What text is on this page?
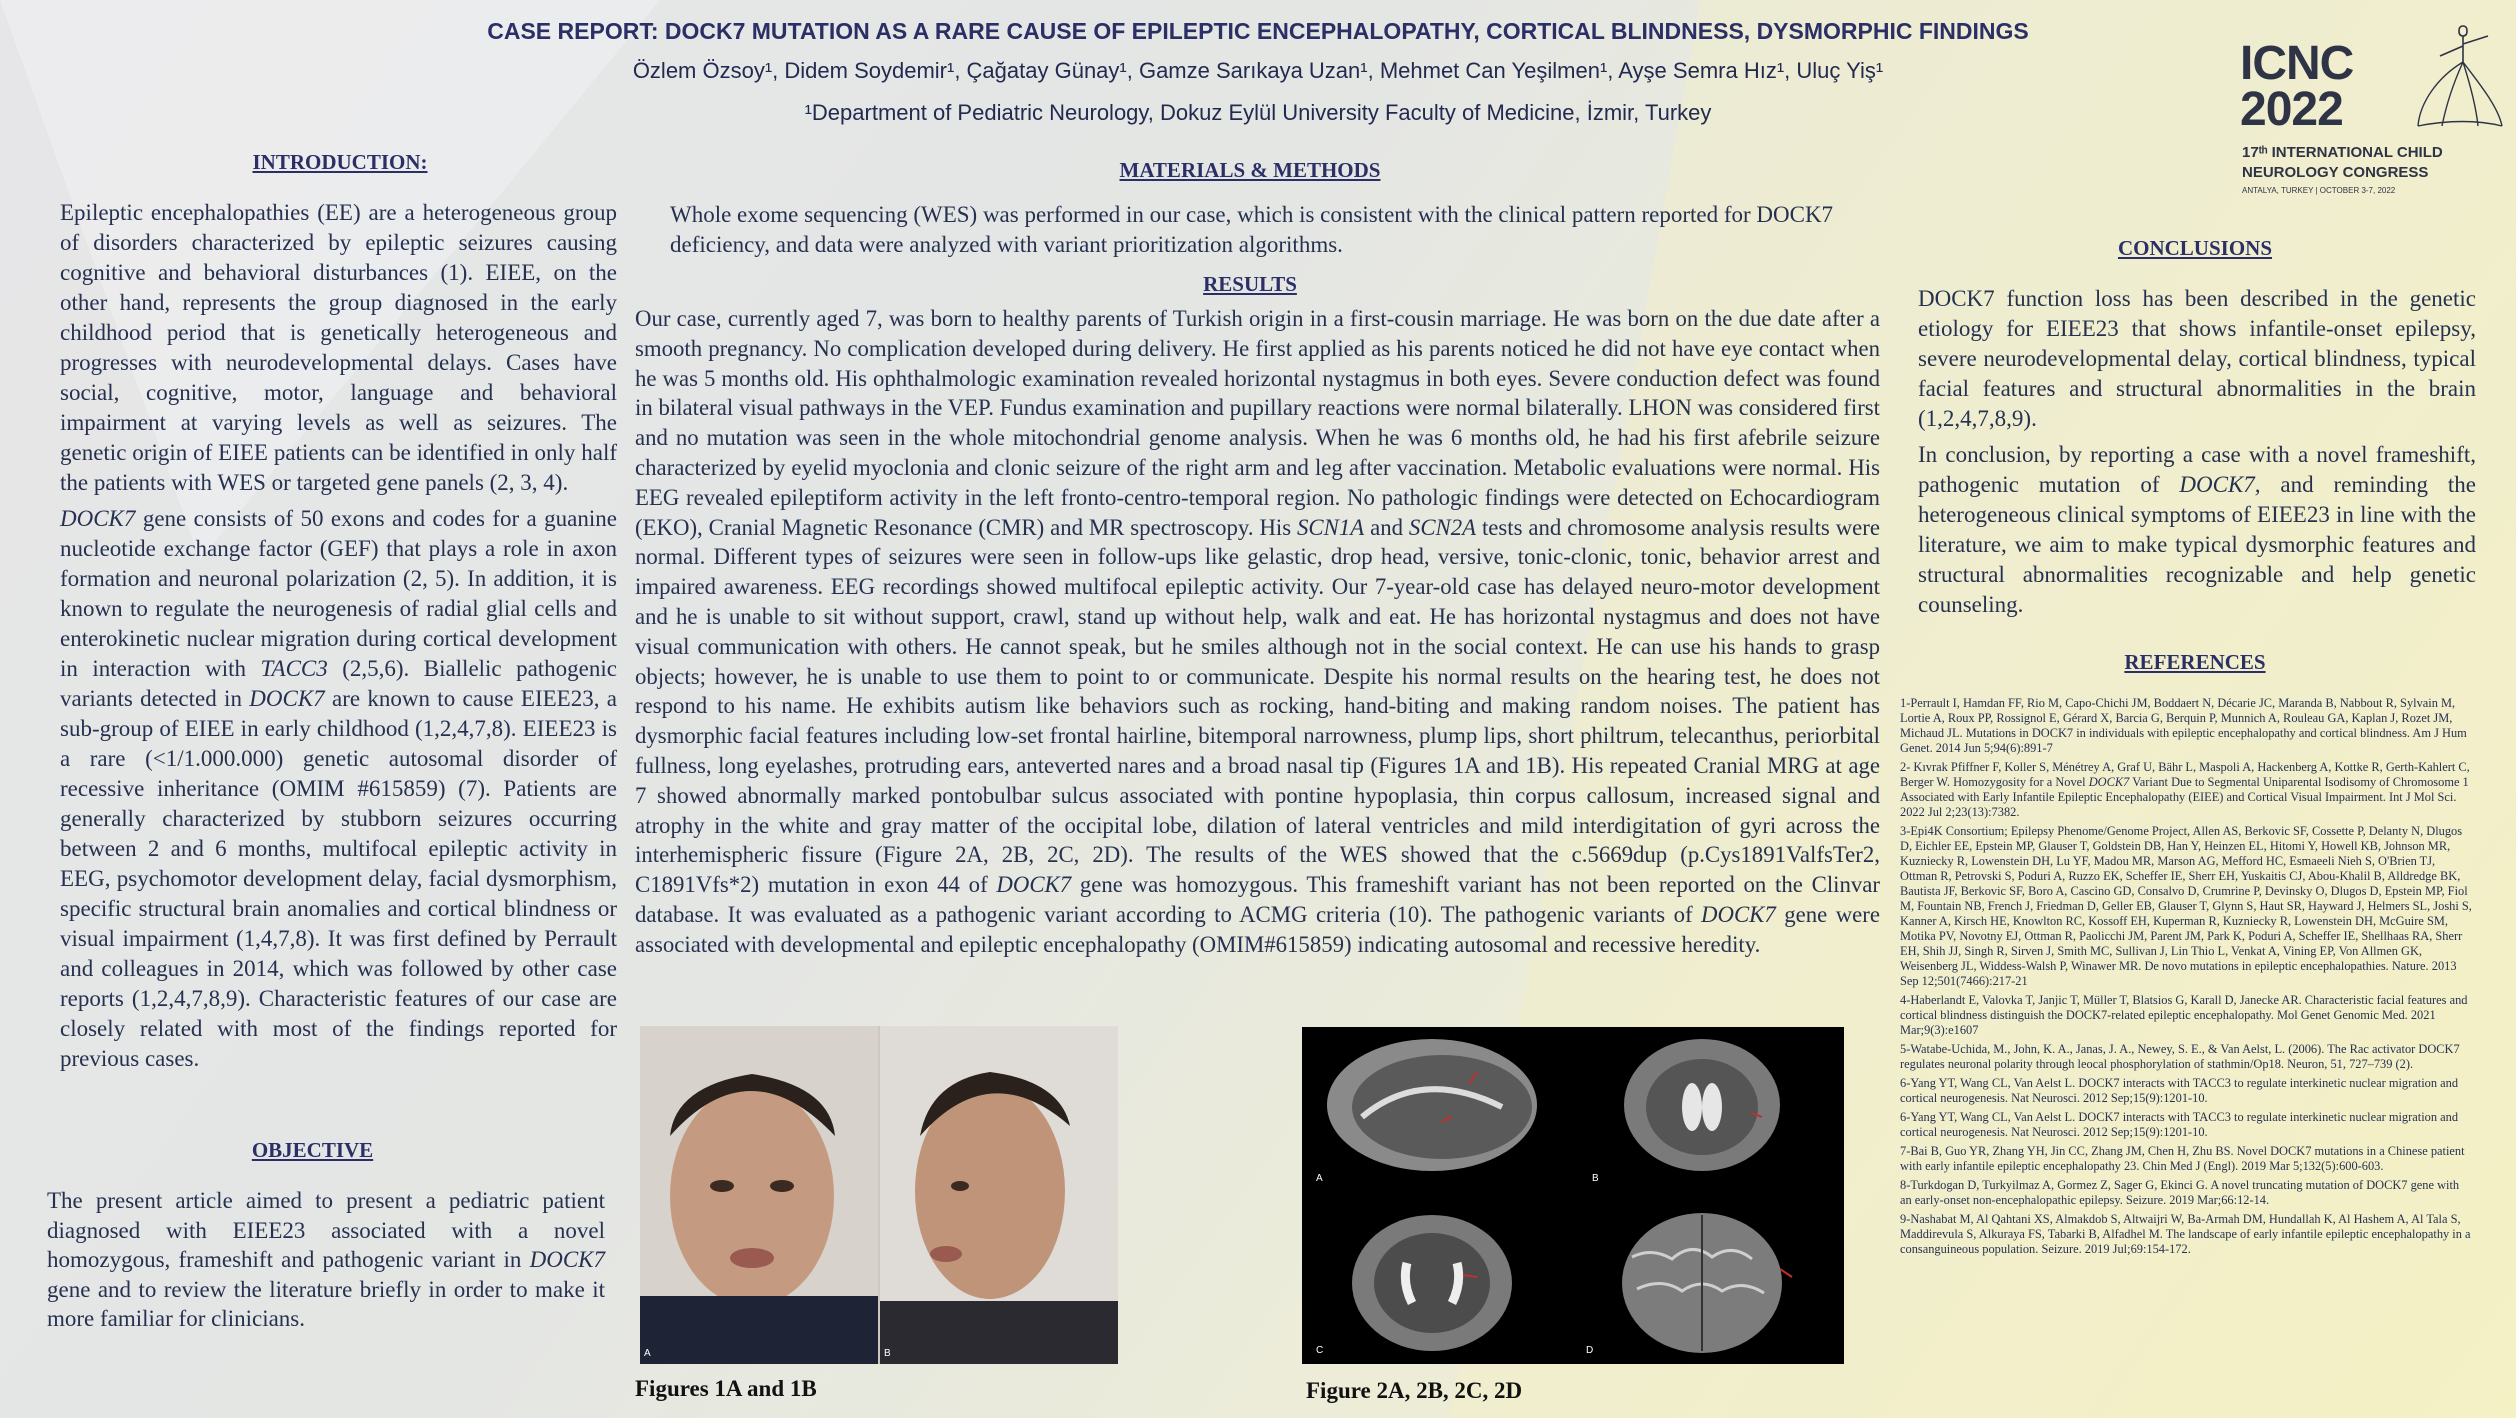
CASE REPORT: DOCK7 MUTATION AS A RARE CAUSE OF EPILEPTIC ENCEPHALOPATHY, CORTICAL BLINDNESS, DYSMORPHIC FINDINGS
Özlem Özsoy¹, Didem Soydemir¹, Çağatay Günay¹, Gamze Sarıkaya Uzan¹, Mehmet Can Yeşilmen¹, Ayşe Semra Hız¹, Uluç Yiş¹
¹Department of Pediatric Neurology, Dokuz Eylül University Faculty of Medicine, İzmir, Turkey
ICNC
2022
17ᵗʰ INTERNATIONAL CHILD
NEUROLOGY CONGRESS
ANTALYA, TURKEY | OCTOBER 3-7, 2022
INTRODUCTION:

Epileptic encephalopathies (EE) are a heterogeneous group of disorders characterized by epileptic seizures causing cognitive and behavioral disturbances (1). EIEE, on the other hand, represents the group diagnosed in the early childhood period that is genetically heterogeneous and progresses with neurodevelopmental delays. Cases have social, cognitive, motor, language and behavioral impairment at varying levels as well as seizures. The genetic origin of EIEE patients can be identified in only half the patients with WES or targeted gene panels (2, 3, 4).

DOCK7 gene consists of 50 exons and codes for a guanine nucleotide exchange factor (GEF) that plays a role in axon formation and neuronal polarization (2, 5). In addition, it is known to regulate the neurogenesis of radial glial cells and enterokinetic nuclear migration during cortical development in interaction with TACC3 (2,5,6). Biallelic pathogenic variants detected in DOCK7 are known to cause EIEE23, a sub-group of EIEE in early childhood (1,2,4,7,8). EIEE23 is a rare (<1/1.000.000) genetic autosomal disorder of recessive inheritance (OMIM #615859) (7). Patients are generally characterized by stubborn seizures occurring between 2 and 6 months, multifocal epileptic activity in EEG, psychomotor development delay, facial dysmorphism, specific structural brain anomalies and cortical blindness or visual impairment (1,4,7,8). It was first defined by Perrault and colleagues in 2014, which was followed by other case reports (1,2,4,7,8,9). Characteristic features of our case are closely related with most of the findings reported for previous cases.

OBJECTIVE

The present article aimed to present a pediatric patient diagnosed with EIEE23 associated with a novel homozygous, frameshift and pathogenic variant in DOCK7 gene and to review the literature briefly in order to make it more familiar for clinicians.

MATERIALS & METHODS
Whole exome sequencing (WES) was performed in our case, which is consistent with the clinical pattern reported for DOCK7 deficiency, and data were analyzed with variant prioritization algorithms.
RESULTS

Our case, currently aged 7, was born to healthy parents of Turkish origin in a first-cousin marriage. He was born on the due date after a smooth pregnancy. No complication developed during delivery. He first applied as his parents noticed he did not have eye contact when he was 5 months old. His ophthalmologic examination revealed horizontal nystagmus in both eyes. Severe conduction defect was found in bilateral visual pathways in the VEP. Fundus examination and pupillary reactions were normal bilaterally. LHON was considered first and no mutation was seen in the whole mitochondrial genome analysis. When he was 6 months old, he had his first afebrile seizure characterized by eyelid myoclonia and clonic seizure of the right arm and leg after vaccination. Metabolic evaluations were normal. His EEG revealed epileptiform activity in the left fronto-centro-temporal region. No pathologic findings were detected on Echocardiogram (EKO), Cranial Magnetic Resonance (CMR) and MR spectroscopy. His SCN1A and SCN2A tests and chromosome analysis results were normal. Different types of seizures were seen in follow-ups like gelastic, drop head, versive, tonic-clonic, tonic, behavior arrest and impaired awareness. EEG recordings showed multifocal epileptic activity. Our 7-year-old case has delayed neuro-motor development and he is unable to sit without support, crawl, stand up without help, walk and eat. He has horizontal nystagmus and does not have visual communication with others. He cannot speak, but he smiles although not in the social context. He can use his hands to grasp objects; however, he is unable to use them to point to or communicate. Despite his normal results on the hearing test, he does not respond to his name. He exhibits autism like behaviors such as rocking, hand-biting and making random noises. The patient has dysmorphic facial features including low-set frontal hairline, bitemporal narrowness, plump lips, short philtrum, telecanthus, periorbital fullness, long eyelashes, protruding ears, anteverted nares and a broad nasal tip (Figures 1A and 1B). His repeated Cranial MRG at age 7 showed abnormally marked pontobulbar sulcus associated with pontine hypoplasia, thin corpus callosum, increased signal and atrophy in the white and gray matter of the occipital lobe, dilation of lateral ventricles and mild interdigitation of gyri across the interhemispheric fissure (Figure 2A, 2B, 2C, 2D). The results of the WES showed that the c.5669dup (p.Cys1891ValfsTer2, C1891Vfs*2) mutation in exon 44 of DOCK7 gene was homozygous. This frameshift variant has not been reported on the Clinvar database. It was evaluated as a pathogenic variant according to ACMG criteria (10). The pathogenic variants of DOCK7 gene were associated with developmental and epileptic encephalopathy (OMIM#615859) indicating autosomal and recessive heredity.

A	B
Figures 1A and 1B
A	B
C	D
Figure 2A, 2B, 2C, 2D
CONCLUSIONS

DOCK7 function loss has been described in the genetic etiology for EIEE23 that shows infantile-onset epilepsy, severe neurodevelopmental delay, cortical blindness, typical facial features and structural abnormalities in the brain (1,2,4,7,8,9).

In conclusion, by reporting a case with a novel frameshift, pathogenic mutation of DOCK7, and reminding the heterogeneous clinical symptoms of EIEE23 in line with the literature, we aim to make typical dysmorphic features and structural abnormalities recognizable and help genetic counseling.

REFERENCES
1-Perrault I, Hamdan FF, Rio M, Capo-Chichi JM, Boddaert N, Décarie JC, Maranda B, Nabbout R, Sylvain M, Lortie A, Roux PP, Rossignol E, Gérard X, Barcia G, Berquin P, Munnich A, Rouleau GA, Kaplan J, Rozet JM, Michaud JL. Mutations in DOCK7 in individuals with epileptic encephalopathy and cortical blindness. Am J Hum Genet. 2014 Jun 5;94(6):891-7
2- Kıvrak Pfiffner F, Koller S, Ménétrey A, Graf U, Bähr L, Maspoli A, Hackenberg A, Kottke R, Gerth-Kahlert C, Berger W. Homozygosity for a Novel DOCK7 Variant Due to Segmental Uniparental Isodisomy of Chromosome 1 Associated with Early Infantile Epileptic Encephalopathy (EIEE) and Cortical Visual Impairment. Int J Mol Sci. 2022 Jul 2;23(13):7382.
3-Epi4K Consortium; Epilepsy Phenome/Genome Project, Allen AS, Berkovic SF, Cossette P, Delanty N, Dlugos D, Eichler EE, Epstein MP, Glauser T, Goldstein DB, Han Y, Heinzen EL, Hitomi Y, Howell KB, Johnson MR, Kuzniecky R, Lowenstein DH, Lu YF, Madou MR, Marson AG, Mefford HC, Esmaeeli Nieh S, O'Brien TJ, Ottman R, Petrovski S, Poduri A, Ruzzo EK, Scheffer IE, Sherr EH, Yuskaitis CJ, Abou-Khalil B, Alldredge BK, Bautista JF, Berkovic SF, Boro A, Cascino GD, Consalvo D, Crumrine P, Devinsky O, Dlugos D, Epstein MP, Fiol M, Fountain NB, French J, Friedman D, Geller EB, Glauser T, Glynn S, Haut SR, Hayward J, Helmers SL, Joshi S, Kanner A, Kirsch HE, Knowlton RC, Kossoff EH, Kuperman R, Kuzniecky R, Lowenstein DH, McGuire SM, Motika PV, Novotny EJ, Ottman R, Paolicchi JM, Parent JM, Park K, Poduri A, Scheffer IE, Shellhaas RA, Sherr EH, Shih JJ, Singh R, Sirven J, Smith MC, Sullivan J, Lin Thio L, Venkat A, Vining EP, Von Allmen GK, Weisenberg JL, Widdess-Walsh P, Winawer MR. De novo mutations in epileptic encephalopathies. Nature. 2013 Sep 12;501(7466):217-21
4-Haberlandt E, Valovka T, Janjic T, Müller T, Blatsios G, Karall D, Janecke AR. Characteristic facial features and cortical blindness distinguish the DOCK7-related epileptic encephalopathy. Mol Genet Genomic Med. 2021 Mar;9(3):e1607
5-Watabe-Uchida, M., John, K. A., Janas, J. A., Newey, S. E., & Van Aelst, L. (2006). The Rac activator DOCK7 regulates neuronal polarity through leocal phosphorylation of stathmin/Op18. Neuron, 51, 727–739 (2).
6-Yang YT, Wang CL, Van Aelst L. DOCK7 interacts with TACC3 to regulate interkinetic nuclear migration and cortical neurogenesis. Nat Neurosci. 2012 Sep;15(9):1201-10.
6-Yang YT, Wang CL, Van Aelst L. DOCK7 interacts with TACC3 to regulate interkinetic nuclear migration and cortical neurogenesis. Nat Neurosci. 2012 Sep;15(9):1201-10.
7-Bai B, Guo YR, Zhang YH, Jin CC, Zhang JM, Chen H, Zhu BS. Novel DOCK7 mutations in a Chinese patient with early infantile epileptic encephalopathy 23. Chin Med J (Engl). 2019 Mar 5;132(5):600-603.
8-Turkdogan D, Turkyilmaz A, Gormez Z, Sager G, Ekinci G. A novel truncating mutation of DOCK7 gene with an early-onset non-encephalopathic epilepsy. Seizure. 2019 Mar;66:12-14.
9-Nashabat M, Al Qahtani XS, Almakdob S, Altwaijri W, Ba-Armah DM, Hundallah K, Al Hashem A, Al Tala S, Maddirevula S, Alkuraya FS, Tabarki B, Alfadhel M. The landscape of early infantile epileptic encephalopathy in a consanguineous population. Seizure. 2019 Jul;69:154-172.
